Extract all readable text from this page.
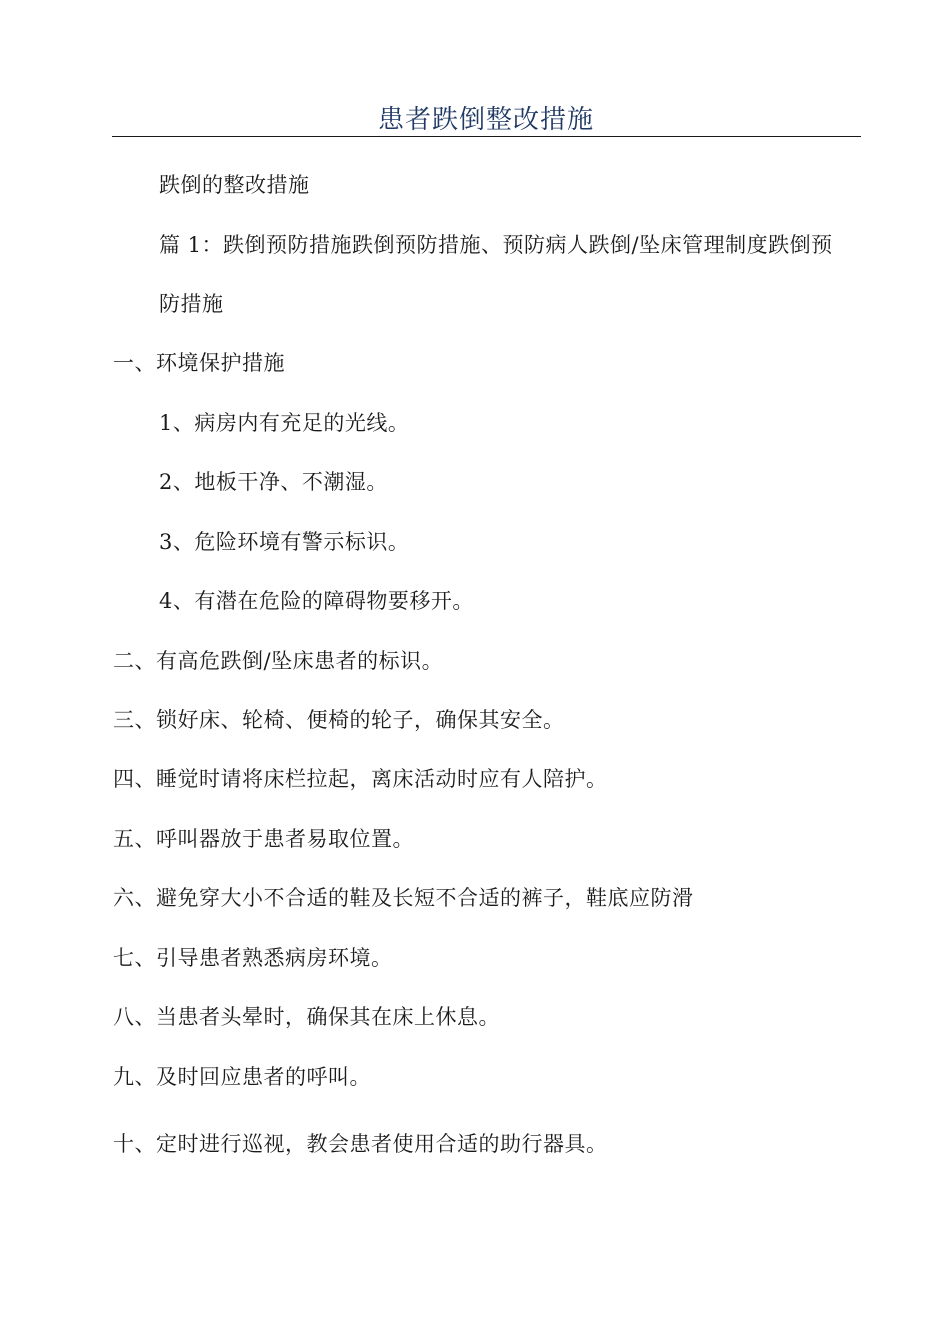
患者跌倒整改措施
跌倒的整改措施
篇 1：跌倒预防措施跌倒预防措施、预防病人跌倒/坠床管理制度跌倒预
防措施
一、环境保护措施
1、病房内有充足的光线。
2、地板干净、不潮湿。
3、危险环境有警示标识。
4、有潜在危险的障碍物要移开。
二、有高危跌倒/坠床患者的标识。
三、锁好床、轮椅、便椅的轮子，确保其安全。
四、睡觉时请将床栏拉起，离床活动时应有人陪护。
五、呼叫器放于患者易取位置。
六、避免穿大小不合适的鞋及长短不合适的裤子，鞋底应防滑
七、引导患者熟悉病房环境。
八、当患者头晕时，确保其在床上休息。
九、及时回应患者的呼叫。
十、定时进行巡视，教会患者使用合适的助行器具。
